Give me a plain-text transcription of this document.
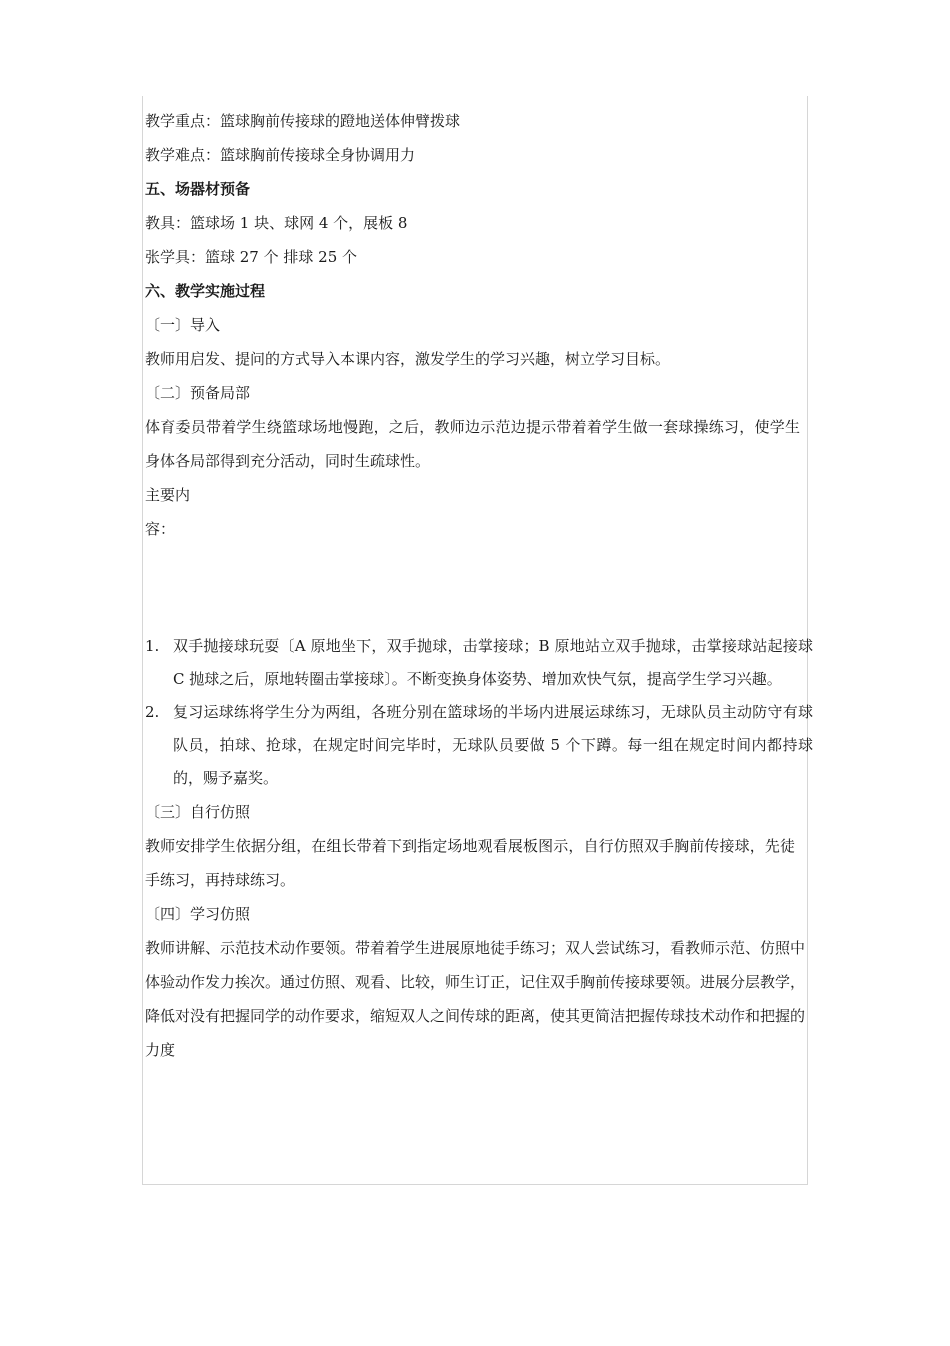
教学重点：篮球胸前传接球的蹬地送体伸臂拨球

教学难点：篮球胸前传接球全身协调用力

五、场器材预备

教具：篮球场 1 块、球网 4 个，展板 8

张学具：篮球 27 个 排球 25 个

六、教学实施过程

〔一〕导入

教师用启发、提问的方式导入本课内容，激发学生的学习兴趣，树立学习目标。

〔二〕预备局部

体育委员带着学生绕篮球场地慢跑，之后，教师边示范边提示带着着学生做一套球操练习，使学生身体各局部得到充分活动，同时生疏球性。

主要内

容：

1. 双手抛接球玩耍〔A 原地坐下，双手抛球，击掌接球；B 原地站立双手抛球，击掌接球站起接球 C 抛球之后，原地转圈击掌接球〕。不断变换身体姿势、增加欢快气氛，提高学生学习兴趣。
2. 复习运球练将学生分为两组，各班分别在篮球场的半场内进展运球练习，无球队员主动防守有球队员，拍球、抢球，在规定时间完毕时，无球队员要做 5 个下蹲。每一组在规定时间内都持球的，赐予嘉奖。

〔三〕自行仿照

教师安排学生依据分组，在组长带着下到指定场地观看展板图示，自行仿照双手胸前传接球，先徒手练习，再持球练习。

〔四〕学习仿照

教师讲解、示范技术动作要领。带着着学生进展原地徒手练习；双人尝试练习，看教师示范、仿照中体验动作发力挨次。通过仿照、观看、比较，师生订正，记住双手胸前传接球要领。进展分层教学，降低对没有把握同学的动作要求，缩短双人之间传球的距离，使其更简洁把握传球技术动作和把握的力度
